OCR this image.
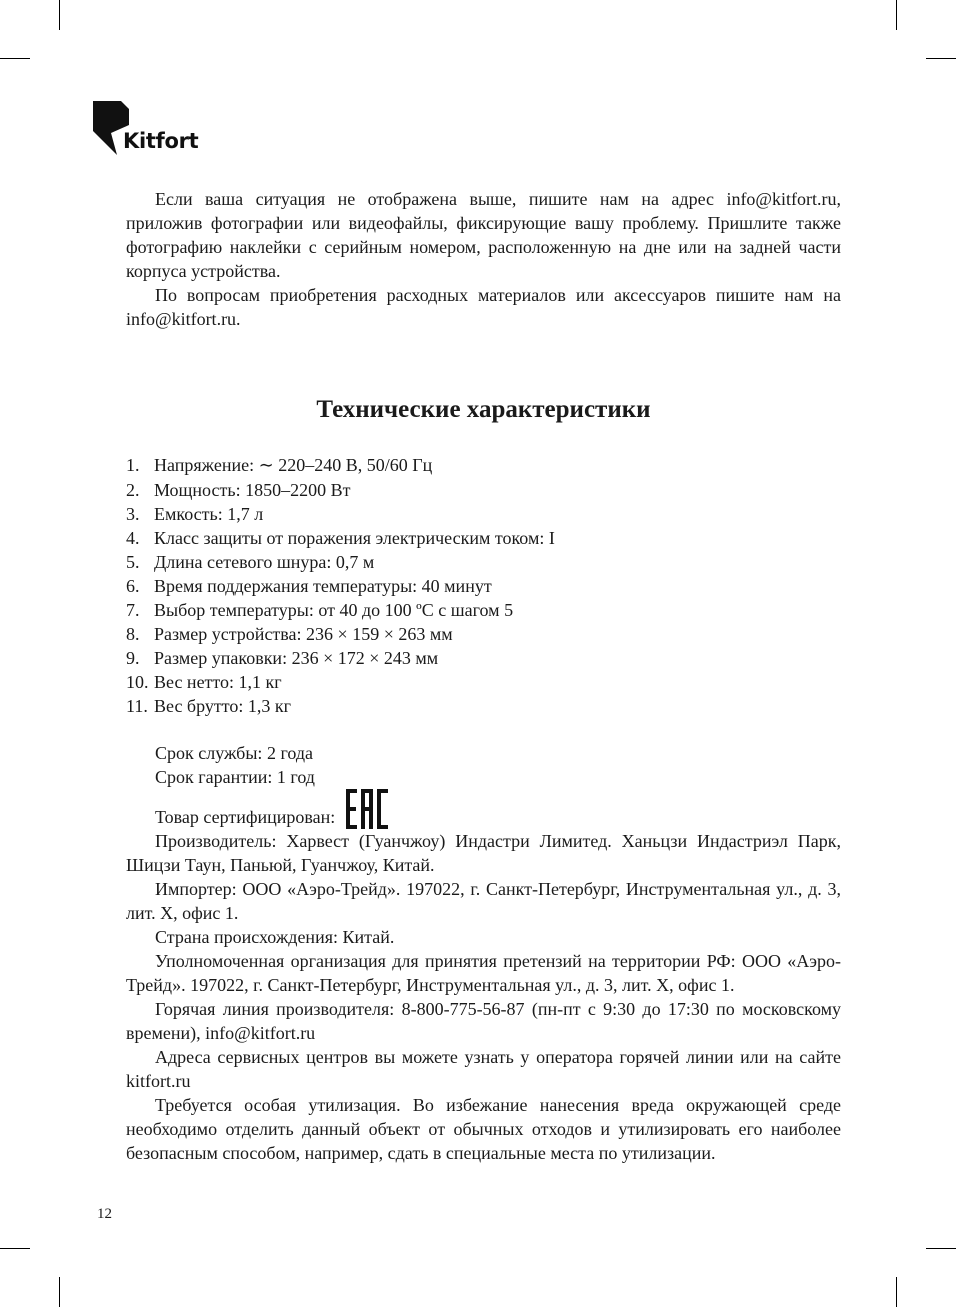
Kitfort

Если ваша ситуация не отображена выше, пишите нам на адрес info@kitfort.ru, приложив фотографии или видеофайлы, фиксирующие вашу проблему. Пришлите также фотографию наклейки с серийным номером, расположенную на дне или на задней части корпуса устройства.

По вопросам приобретения расходных материалов или аксессуаров пишите нам на info@kitfort.ru.

Технические характеристики
1. Напряжение: ∼ 220–240 В, 50/60 Гц
2. Мощность: 1850–2200 Вт
3. Емкость: 1,7 л
4. Класс защиты от поражения электрическим током: I
5. Длина сетевого шнура: 0,7 м
6. Время поддержания температуры: 40 минут
7. Выбор температуры: от 40 до 100 ºС с шагом 5
8. Размер устройства: 236 × 159 × 263 мм
9. Размер упаковки: 236 × 172 × 243 мм
10. Вес нетто: 1,1 кг
11. Вес брутто: 1,3 кг

Срок службы: 2 года

Срок гарантии: 1 год

Товар сертифицирован:

Производитель: Харвест (Гуанчжоу) Индастри Лимитед. Ханьцзи Индастриэл Парк, Шицзи Таун, Паньюй, Гуанчжоу, Китай.

Импортер: ООО «Аэро-Трейд». 197022, г. Санкт-Петербург, Инструментальная ул., д. 3, лит. Х, офис 1.

Страна происхождения: Китай.

Уполномоченная организация для принятия претензий на территории РФ: ООО «Аэро-Трейд». 197022, г. Санкт-Петербург, Инструментальная ул., д. 3, лит. Х, офис 1.

Горячая линия производителя: 8-800-775-56-87 (пн-пт с 9:30 до 17:30 по московскому времени), info@kitfort.ru

Адреса сервисных центров вы можете узнать у оператора горячей линии или на сайте kitfort.ru

Требуется особая утилизация. Во избежание нанесения вреда окружающей среде необходимо отделить данный объект от обычных отходов и утилизировать его наиболее безопасным способом, например, сдать в специальные места по утилизации.

12
